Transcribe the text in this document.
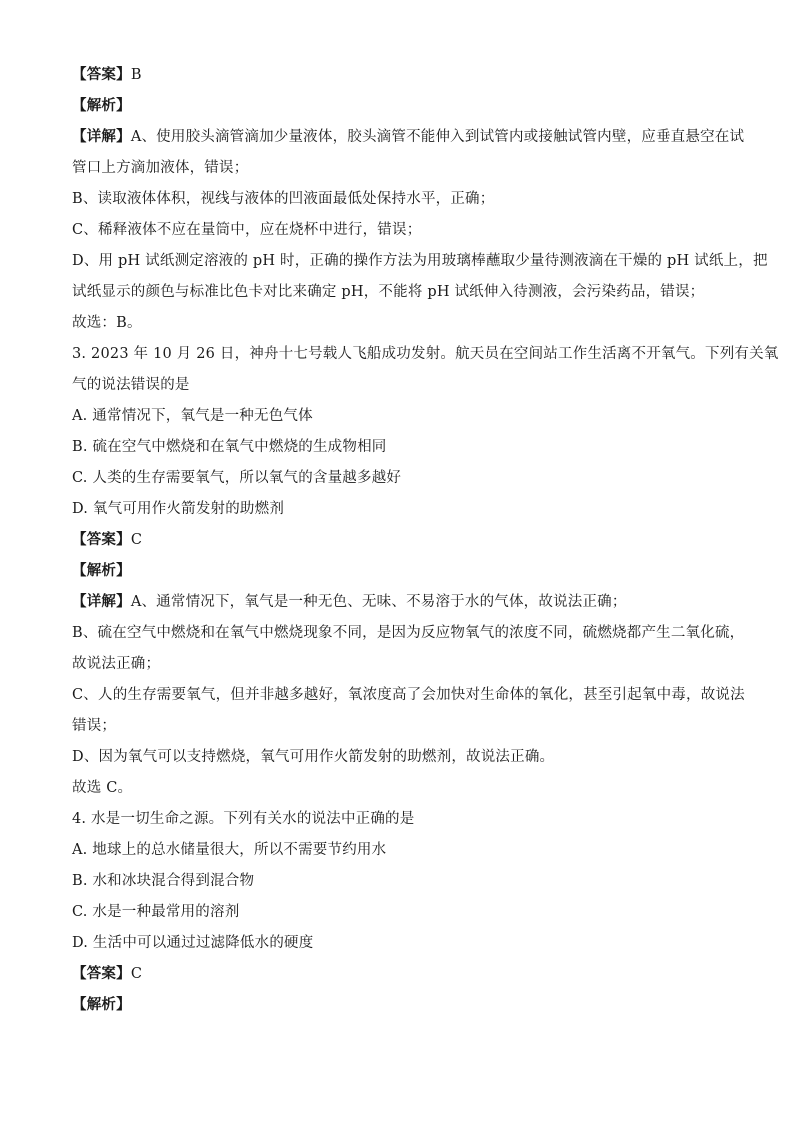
【答案】B
【解析】
【详解】A、使用胶头滴管滴加少量液体，胶头滴管不能伸入到试管内或接触试管内壁，应垂直悬空在试
管口上方滴加液体，错误；
B、读取液体体积，视线与液体的凹液面最低处保持水平，正确；
C、稀释液体不应在量筒中，应在烧杯中进行，错误；
D、用 pH 试纸测定溶液的 pH 时，正确的操作方法为用玻璃棒蘸取少量待测液滴在干燥的 pH 试纸上，把
试纸显示的颜色与标准比色卡对比来确定 pH，不能将 pH 试纸伸入待测液，会污染药品，错误；
故选：B。
3. 2023 年 10 月 26 日，神舟十七号载人飞船成功发射。航天员在空间站工作生活离不开氧气。下列有关氧
气的说法错误的是
A. 通常情况下，氧气是一种无色气体
B. 硫在空气中燃烧和在氧气中燃烧的生成物相同
C. 人类的生存需要氧气，所以氧气的含量越多越好
D. 氧气可用作火箭发射的助燃剂
【答案】C
【解析】
【详解】A、通常情况下，氧气是一种无色、无味、不易溶于水的气体，故说法正确；
B、硫在空气中燃烧和在氧气中燃烧现象不同，是因为反应物氧气的浓度不同，硫燃烧都产生二氧化硫，
故说法正确；
C、人的生存需要氧气，但并非越多越好，氧浓度高了会加快对生命体的氧化，甚至引起氧中毒，故说法
错误；
D、因为氧气可以支持燃烧，氧气可用作火箭发射的助燃剂，故说法正确。
故选 C。
4. 水是一切生命之源。下列有关水的说法中正确的是
A. 地球上的总水储量很大，所以不需要节约用水
B. 水和冰块混合得到混合物
C. 水是一种最常用的溶剂
D. 生活中可以通过过滤降低水的硬度
【答案】C
【解析】
